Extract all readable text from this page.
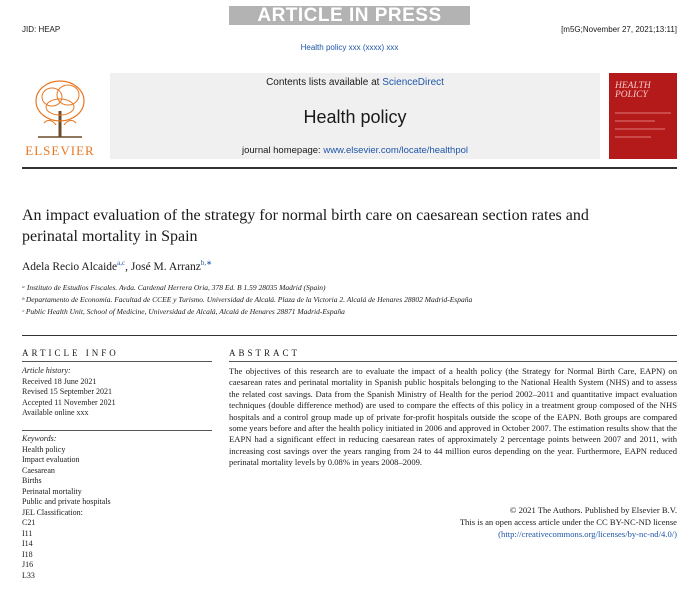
ARTICLE IN PRESS
JID: HEAP	[m5G;November 27, 2021;13:11]
Health policy xxx (xxxx) xxx
ELSEVIER
Contents lists available at ScienceDirect
Health policy
journal homepage: www.elsevier.com/locate/healthpol
HEALTH
POLICY
An impact evaluation of the strategy for normal birth care on caesarean section rates and perinatal mortality in Spain
Adela Recio Alcaide$^{a,c}$, José M. Arranz$^{b,∗}$
ᵃ Instituto de Estudios Fiscales. Avda. Cardenal Herrera Oria, 378 Ed. B 1.59 28035 Madrid (Spain)
ᵇ Departamento de Economía. Facultad de CCEE y Turismo. Universidad de Alcalá. Plaza de la Victoria 2. Alcalá de Henares 28802 Madrid-España
ᶜ Public Health Unit, School of Medicine, Universidad de Alcalá, Alcalá de Henares 28871 Madrid-España
ARTICLE INFO
Article history:
Received 18 June 2021
Revised 15 September 2021
Accepted 11 November 2021
Available online xxx
Keywords:
Health policy
Impact evaluation
Caesarean
Births
Perinatal mortality
Public and private hospitals
JEL Classification:
C21
I11
I14
I18
J16
L33
ABSTRACT
The objectives of this research are to evaluate the impact of a health policy (the Strategy for Normal Birth Care, EAPN) on caesarean rates and perinatal mortality in Spanish public hospitals belonging to the National Health System (NHS) and to assess the related cost savings. Data from the Spanish Ministry of Health for the period 2002–2011 and quantitative impact evaluation techniques (double difference method) are used to compare the effects of this policy in a treatment group composed of the NHS hospitals and a control group made up of private for-profit hospitals outside the scope of the EAPN. Both groups are compared some years before and after the health policy initiated in 2006 and approved in October 2007. The estimation results show that the EAPN had a significant effect in reducing caesarean rates of approximately 2 percentage points between 2007 and 2011, with increasing cost savings over the years ranging from 24 to 44 million euros depending on the year. Furthermore, EAPN reduced perinatal mortality levels by 0.08% in years 2008–2009.
© 2021 The Authors. Published by Elsevier B.V.
This is an open access article under the CC BY-NC-ND license
(http://creativecommons.org/licenses/by-nc-nd/4.0/)
